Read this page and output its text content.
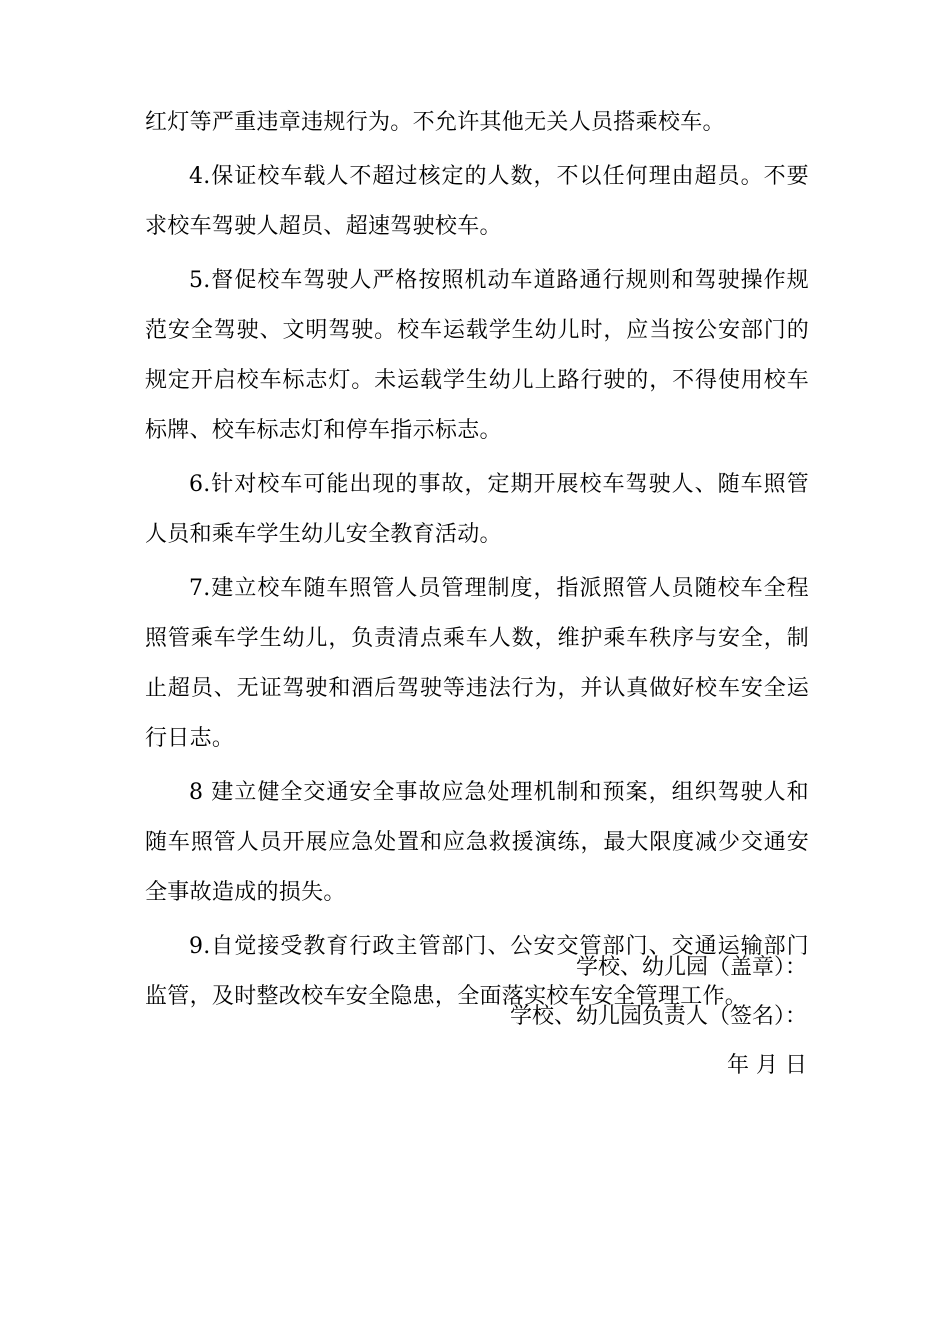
红灯等严重违章违规行为。不允许其他无关人员搭乘校车。

4.保证校车载人不超过核定的人数，不以任何理由超员。不要求校车驾驶人超员、超速驾驶校车。

5.督促校车驾驶人严格按照机动车道路通行规则和驾驶操作规范安全驾驶、文明驾驶。校车运载学生幼儿时，应当按公安部门的规定开启校车标志灯。未运载学生幼儿上路行驶的，不得使用校车标牌、校车标志灯和停车指示标志。

6.针对校车可能出现的事故，定期开展校车驾驶人、随车照管人员和乘车学生幼儿安全教育活动。

7.建立校车随车照管人员管理制度，指派照管人员随校车全程照管乘车学生幼儿，负责清点乘车人数，维护乘车秩序与安全，制止超员、无证驾驶和酒后驾驶等违法行为，并认真做好校车安全运行日志。

8 建立健全交通安全事故应急处理机制和预案，组织驾驶人和随车照管人员开展应急处置和应急救援演练，最大限度减少交通安全事故造成的损失。

9.自觉接受教育行政主管部门、公安交管部门、交通运输部门监管，及时整改校车安全隐患，全面落实校车安全管理工作。

学校、幼儿园（盖章）：
学校、幼儿园负责人（签名）：
年 月 日
